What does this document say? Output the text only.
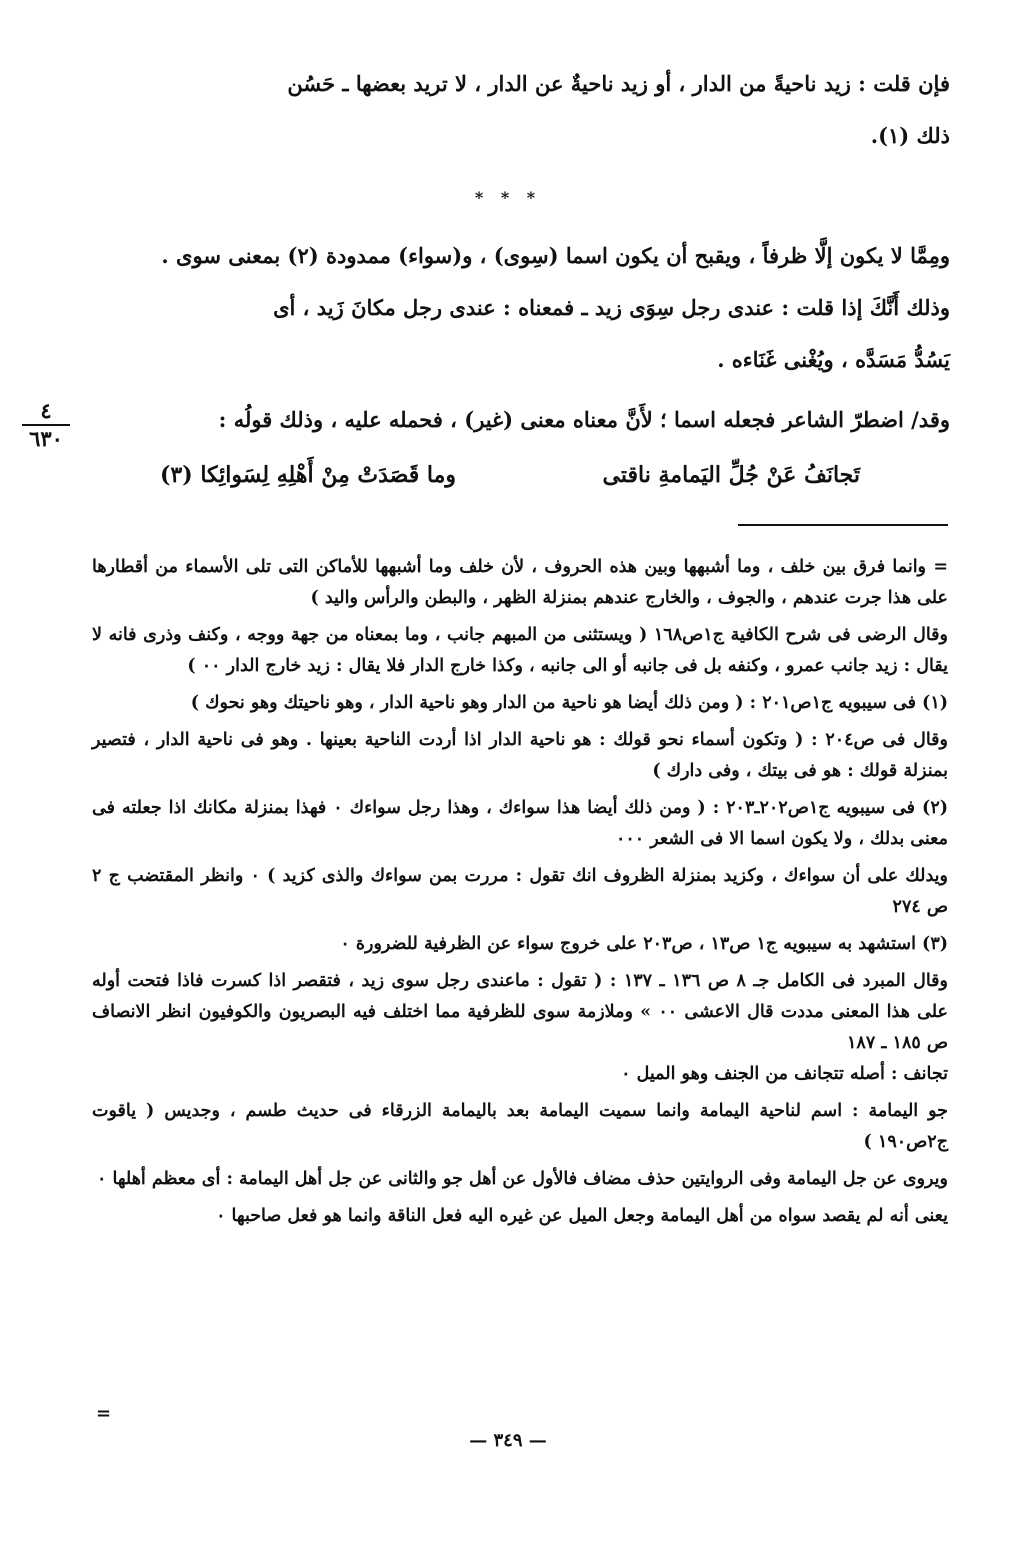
فإن قلت : زيد ناحيةً من الدار ، أو زيد ناحيةٌ عن الدار ، لا تريد بعضها ـ حَسُن

ذلك (١).

* * *

ومِمَّا لا يكون إلَّا ظرفاً ، ويقبح أن يكون اسما (سِوى) ، و(سواء) ممدودة (٢) بمعنى سوى .

وذلك أَنَّكَ إذا قلت : عندى رجل سِوَى زيد ـ فمعناه : عندى رجل مكانَ زَيد ، أى

يَسُدُّ مَسَدَّه ، ويُغْنى غَنَاءه .

وقد/ اضطرّ الشاعر فجعله اسما ؛ لأَنَّ معناه معنى (غير) ، فحمله عليه ، وذلك قولُه :

٤
٦٣٠
تَجانَفُ عَنْ جُلِّ اليَمامةِ ناقتى
وما قَصَدَتْ مِنْ أَهْلِهِ لِسَوائِكا (٣)

= وانما فرق بين خلف ، وما أشبهها وبين هذه الحروف ، لأن خلف وما أشبهها للأماكن التى تلى الأسماء من أقطارها على هذا جرت عندهم ، والجوف ، والخارج عندهم بمنزلة الظهر ، والبطن والرأس واليد )

وقال الرضى فى شرح الكافية ج١ص١٦٨ ( ويستثنى من المبهم جانب ، وما بمعناه من جهة ووجه ، وكنف وذرى فانه لا يقال : زيد جانب عمرو ، وكنفه بل فى جانبه أو الى جانبه ، وكذا خارج الدار فلا يقال : زيد خارج الدار ٠٠ )

(١) فى سيبويه ج١ص٢٠١ : ( ومن ذلك أيضا هو ناحية من الدار وهو ناحية الدار ، وهو ناحيتك وهو نحوك )

وقال فى ص٢٠٤ : ( وتكون أسماء نحو قولك : هو ناحية الدار اذا أردت الناحية بعينها . وهو فى ناحية الدار ، فتصير بمنزلة قولك : هو فى بيتك ، وفى دارك )

(٢) فى سيبويه ج١ص٢٠٢ـ٢٠٣ : ( ومن ذلك أيضا هذا سواءك ، وهذا رجل سواءك ٠ فهذا بمنزلة مكانك اذا جعلته فى معنى بدلك ، ولا يكون اسما الا فى الشعر ٠٠٠

ويدلك على أن سواءك ، وكزيد بمنزلة الظروف انك تقول : مررت بمن سواءك والذى كزيد ) ٠ وانظر المقتضب ج ٢ ص ٢٧٤

(٣) استشهد به سيبويه ج١ ص١٣ ، ص٢٠٣ على خروج سواء عن الظرفية للضرورة ٠

وقال المبرد فى الكامل جـ ٨ ص ١٣٦ ـ ١٣٧ : ( تقول : ماعندى رجل سوى زيد ، فتقصر اذا كسرت فاذا فتحت أوله على هذا المعنى مددت قال الاعشى ٠٠ » وملازمة سوى للظرفية مما اختلف فيه البصريون والكوفيون انظر الانصاف ص ١٨٥ ـ ١٨٧

تجانف : أصله تتجانف من الجنف وهو الميل ٠

جو اليمامة : اسم لناحية اليمامة وانما سميت اليمامة بعد باليمامة الزرقاء فى حديث طسم ، وجديس ( ياقوت ج٢ص١٩٠ )

ويروى عن جل اليمامة وفى الروايتين حذف مضاف فالأول عن أهل جو والثانى عن جل أهل اليمامة : أى معظم أهلها ٠

يعنى أنه لم يقصد سواه من أهل اليمامة وجعل الميل عن غيره اليه فعل الناقة وانما هو فعل صاحبها ٠

=
— ٣٤٩ —
